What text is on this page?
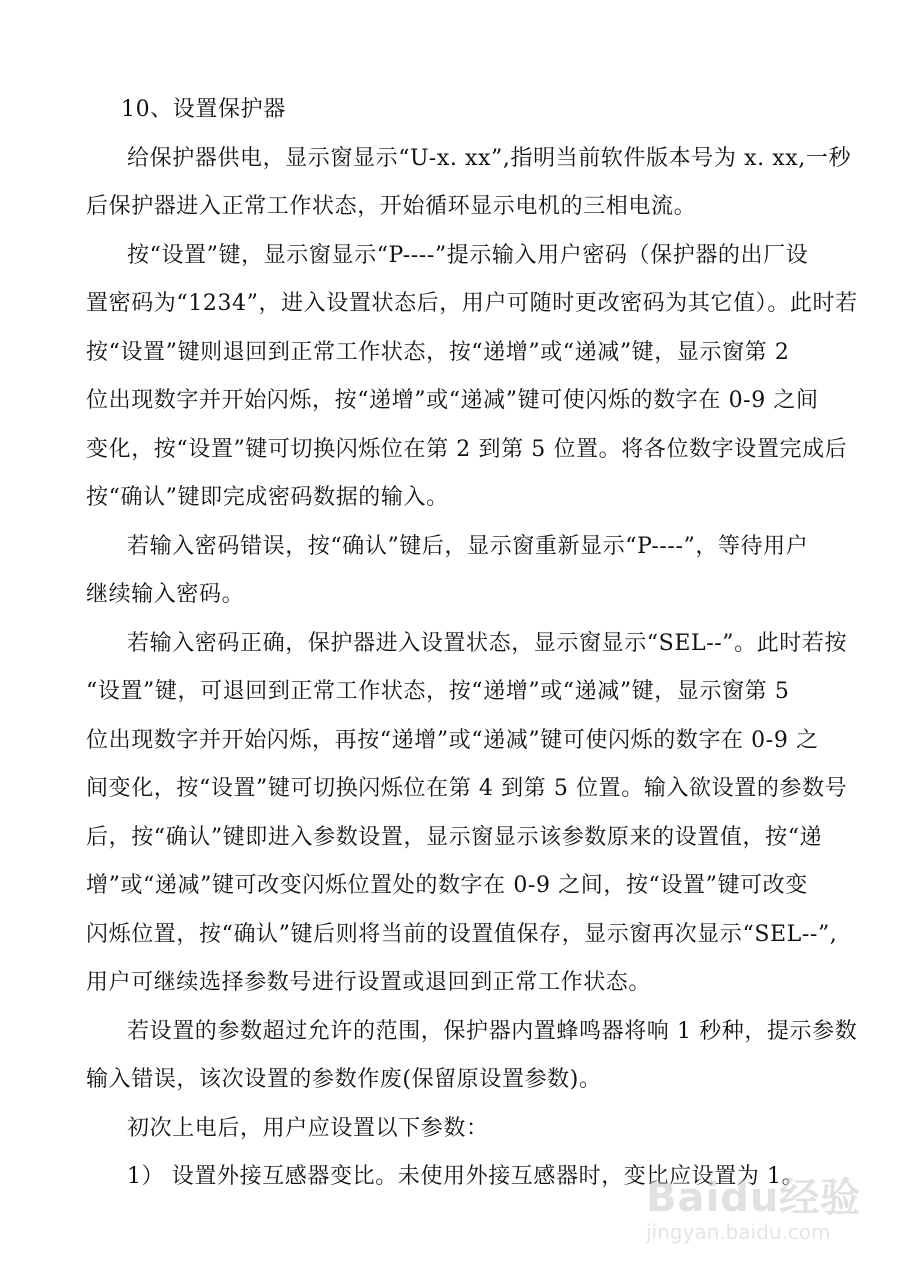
10、设置保护器
给保护器供电，显示窗显示“U-x. xx”,指明当前软件版本号为 x. xx,一秒
后保护器进入正常工作状态，开始循环显示电机的三相电流。
按“设置”键，显示窗显示“P----”提示输入用户密码（保护器的出厂设
置密码为“1234”，进入设置状态后，用户可随时更改密码为其它值）。此时若
按“设置”键则退回到正常工作状态，按“递增”或“递减”键，显示窗第 2
位出现数字并开始闪烁，按“递增”或“递减”键可使闪烁的数字在 0-9 之间
变化，按“设置”键可切换闪烁位在第 2 到第 5 位置。将各位数字设置完成后
按“确认”键即完成密码数据的输入。
若输入密码错误，按“确认”键后，显示窗重新显示“P----”，等待用户
继续输入密码。
若输入密码正确，保护器进入设置状态，显示窗显示“SEL--”。此时若按
“设置”键，可退回到正常工作状态，按“递增”或“递减”键，显示窗第 5
位出现数字并开始闪烁，再按“递增”或“递减”键可使闪烁的数字在 0-9 之
间变化，按“设置”键可切换闪烁位在第 4 到第 5 位置。输入欲设置的参数号
后，按“确认”键即进入参数设置，显示窗显示该参数原来的设置值，按“递
增”或“递减”键可改变闪烁位置处的数字在 0-9 之间，按“设置”键可改变
闪烁位置，按“确认”键后则将当前的设置值保存，显示窗再次显示“SEL--”,
用户可继续选择参数号进行设置或退回到正常工作状态。
若设置的参数超过允许的范围，保护器内置蜂鸣器将响 1 秒种，提示参数
输入错误，该次设置的参数作废(保留原设置参数)。
初次上电后，用户应设置以下参数：
1） 设置外接互感器变比。未使用外接互感器时，变比应设置为 1。
Baidu经验
jingyan.baidu.com
